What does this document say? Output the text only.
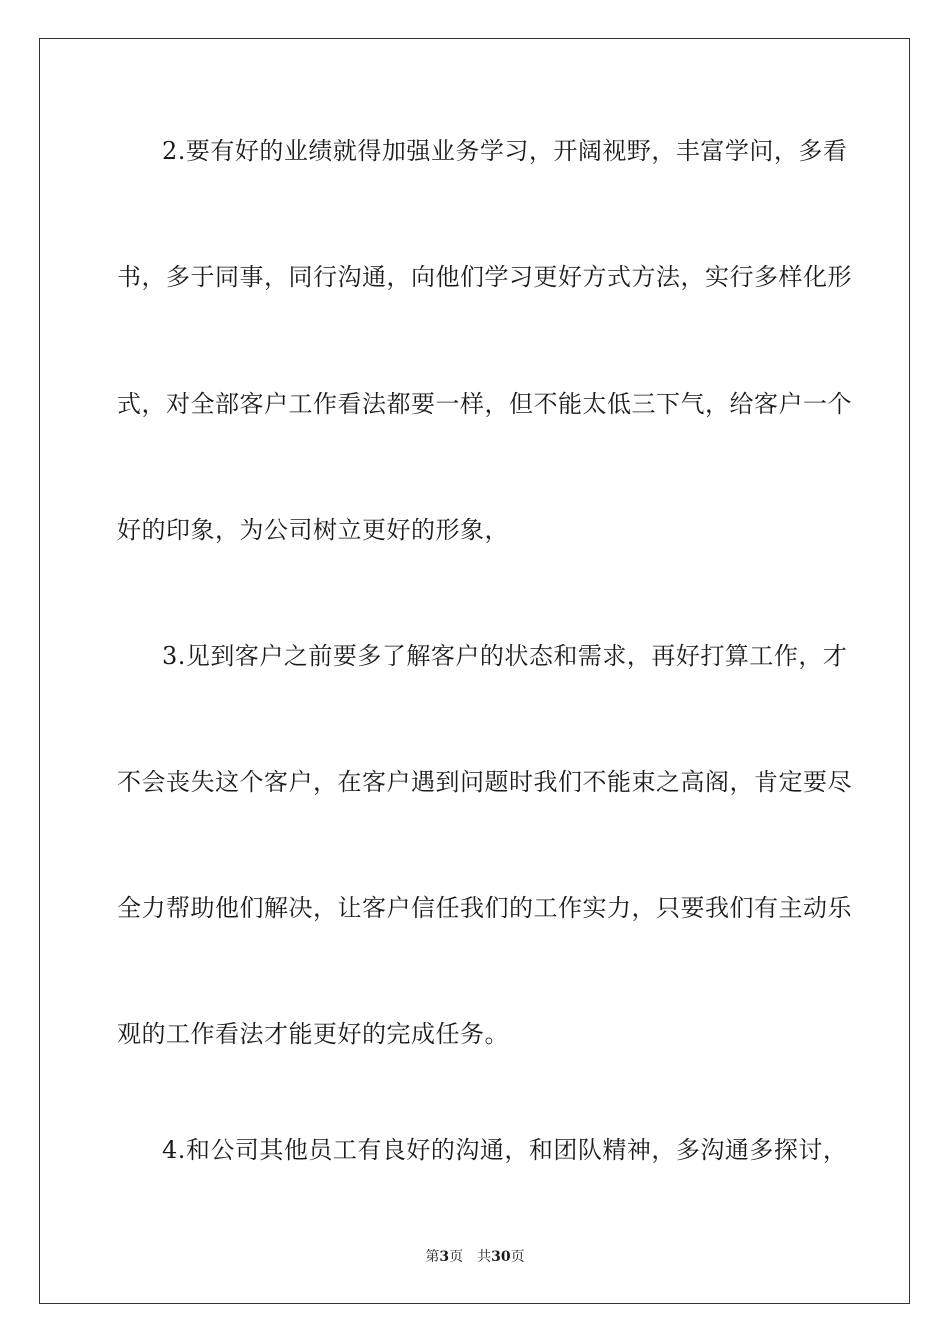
2.要有好的业绩就得加强业务学习，开阔视野，丰富学问，多看
书，多于同事，同行沟通，向他们学习更好方式方法，实行多样化形
式，对全部客户工作看法都要一样，但不能太低三下气，给客户一个
好的印象，为公司树立更好的形象，
3.见到客户之前要多了解客户的状态和需求，再好打算工作，才
不会丧失这个客户，在客户遇到问题时我们不能束之高阁，肯定要尽
全力帮助他们解决，让客户信任我们的工作实力，只要我们有主动乐
观的工作看法才能更好的完成任务。
4.和公司其他员工有良好的沟通，和团队精神，多沟通多探讨，
第3页 共30页
